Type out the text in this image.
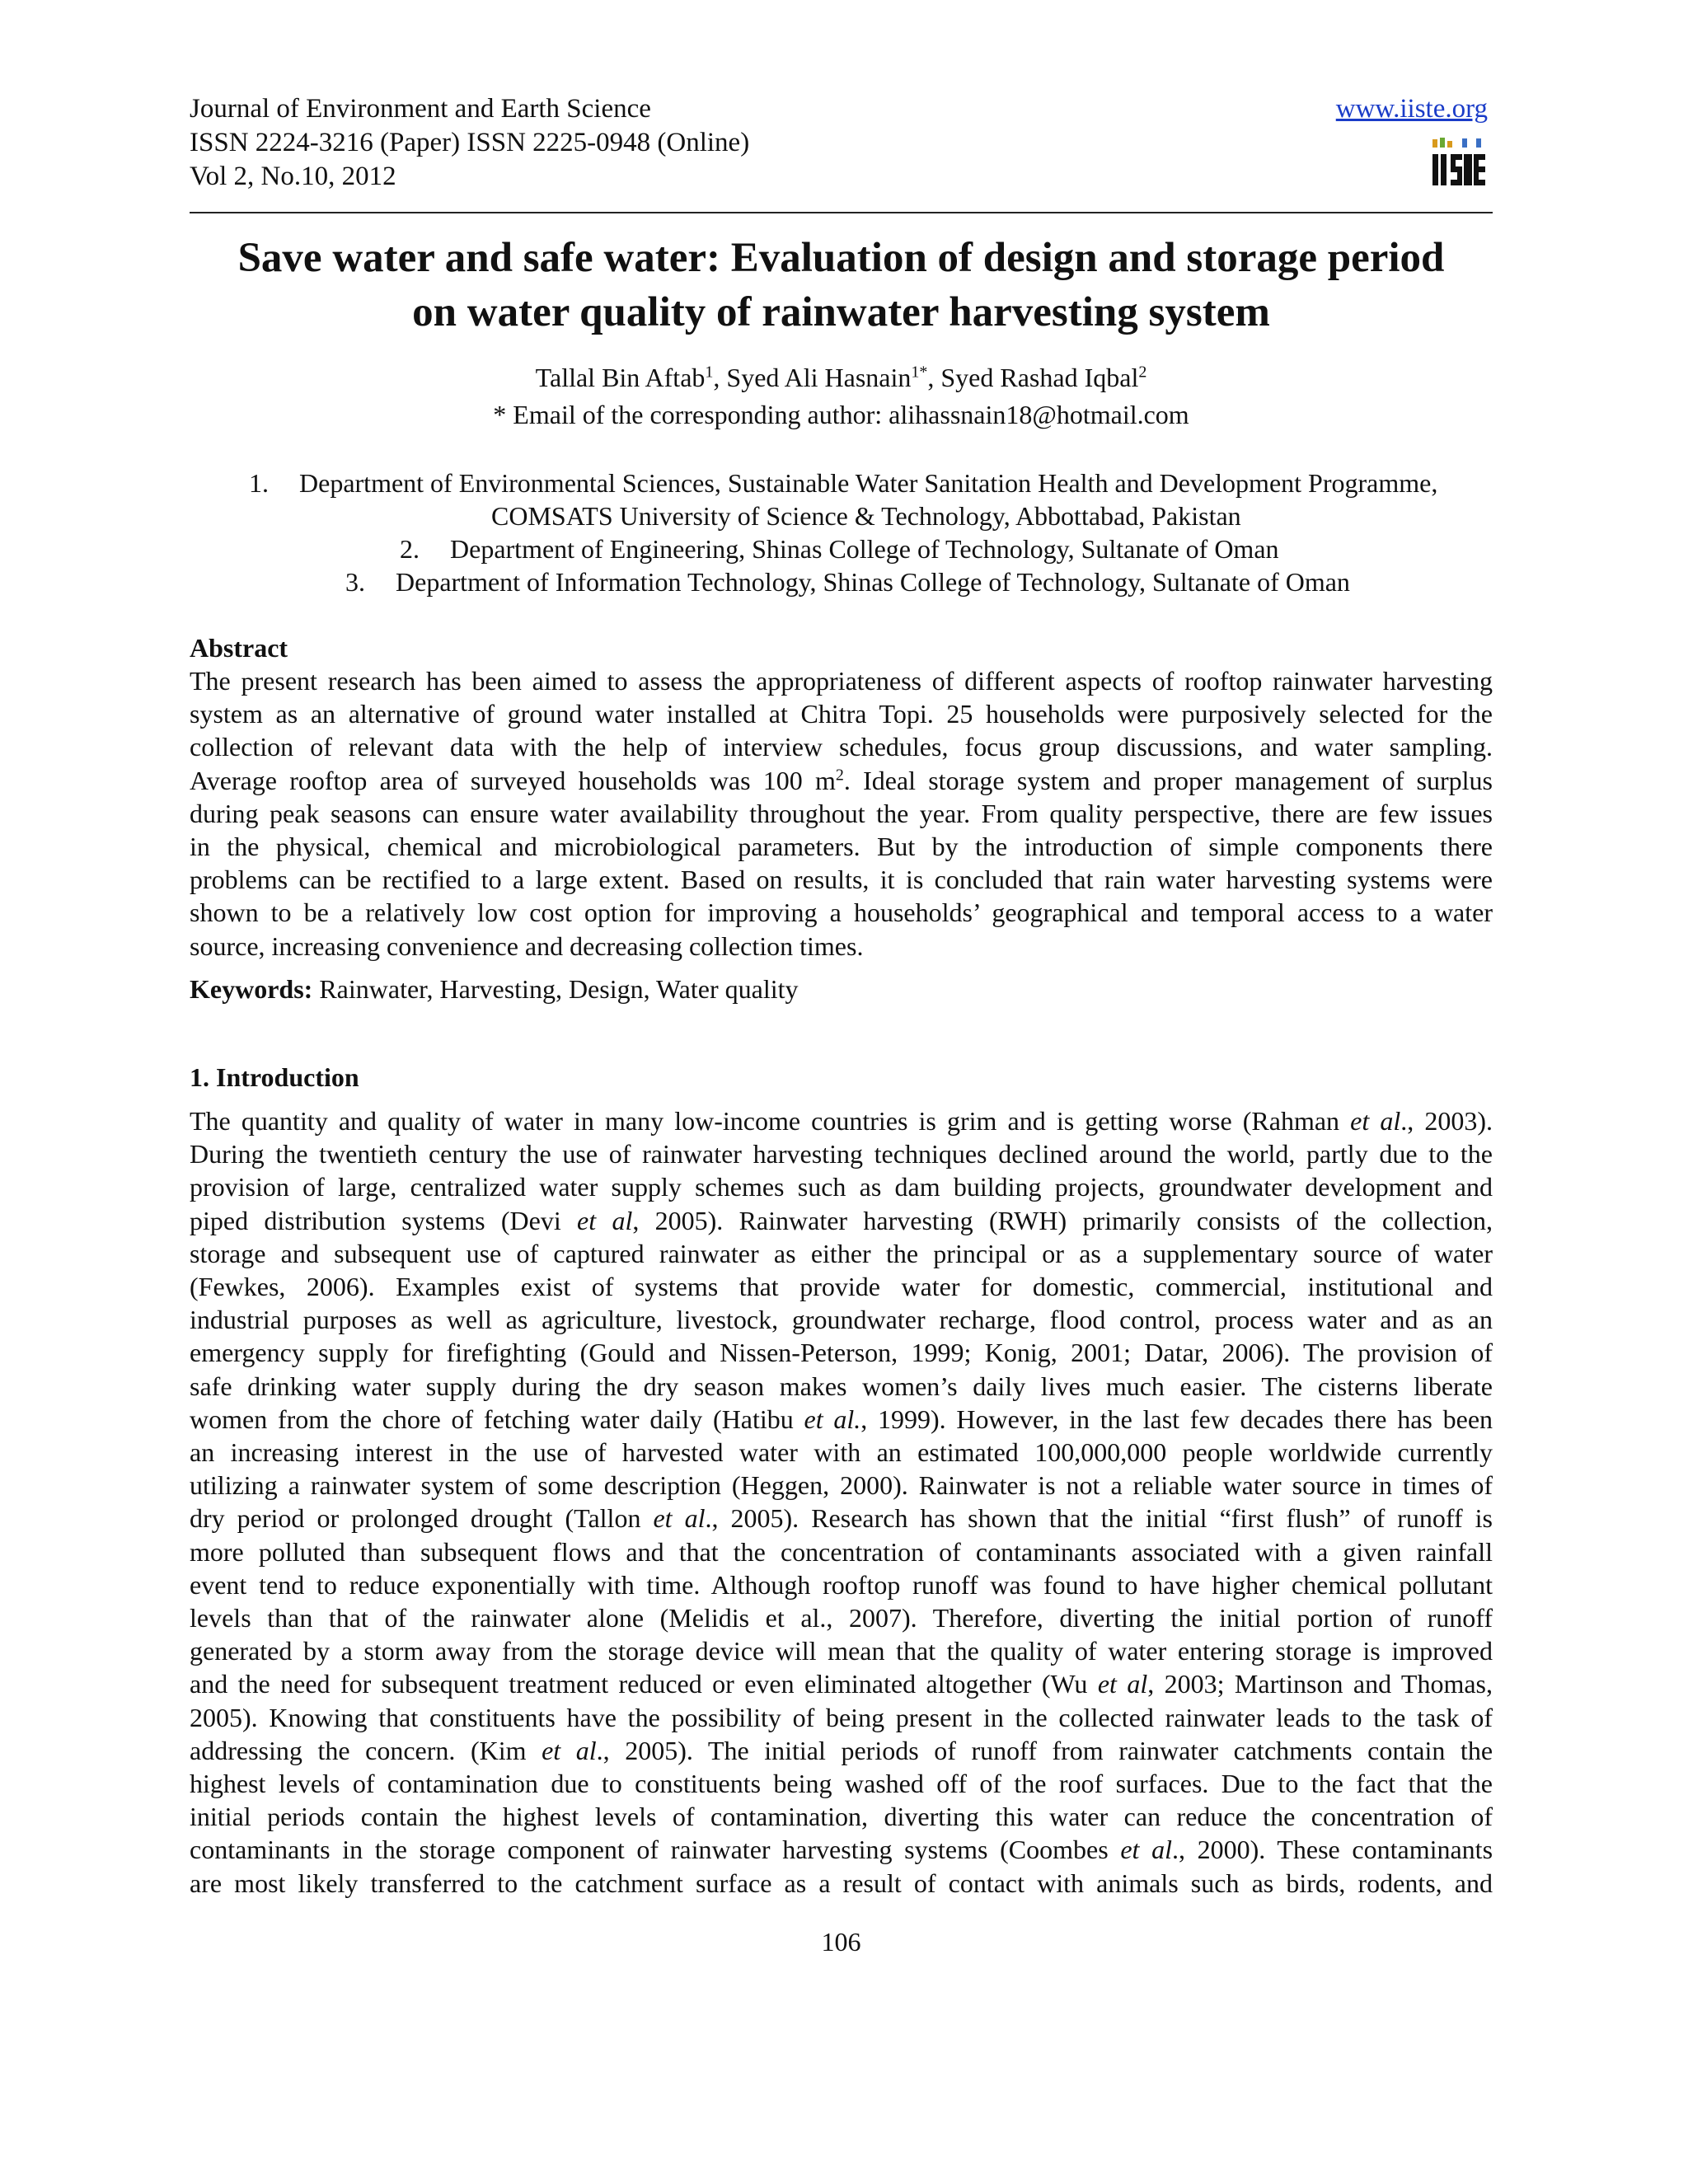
Journal of Environment and Earth Science
ISSN 2224-3216 (Paper) ISSN 2225-0948 (Online)
Vol 2, No.10, 2012
www.iiste.org
Save water and safe water: Evaluation of design and storage period
on water quality of rainwater harvesting system
Tallal Bin Aftab$^1$, Syed Ali Hasnain$^{1*}$, Syed Rashad Iqbal$^2$
* Email of the corresponding author: alihassnain18@hotmail.com
1. Department of Environmental Sciences, Sustainable Water Sanitation Health and Development Programme,
COMSATS University of Science & Technology, Abbottabad, Pakistan
2. Department of Engineering, Shinas College of Technology, Sultanate of Oman
3. Department of Information Technology, Shinas College of Technology, Sultanate of Oman
Abstract
The present research has been aimed to assess the appropriateness of different aspects of rooftop rainwater harvesting
system as an alternative of ground water installed at Chitra Topi. 25 households were purposively selected for the
collection of relevant data with the help of interview schedules, focus group discussions, and water sampling.
Average rooftop area of surveyed households was 100 $m^2$. Ideal storage system and proper management of surplus
during peak seasons can ensure water availability throughout the year. From quality perspective, there are few issues
in the physical, chemical and microbiological parameters. But by the introduction of simple components there
problems can be rectified to a large extent. Based on results, it is concluded that rain water harvesting systems were
shown to be a relatively low cost option for improving a households’ geographical and temporal access to a water
source, increasing convenience and decreasing collection times.
Keywords: Rainwater, Harvesting, Design, Water quality
1. Introduction
The quantity and quality of water in many low-income countries is grim and is getting worse (Rahman et al., 2003).
During the twentieth century the use of rainwater harvesting techniques declined around the world, partly due to the
provision of large, centralized water supply schemes such as dam building projects, groundwater development and
piped distribution systems (Devi et al, 2005). Rainwater harvesting (RWH) primarily consists of the collection,
storage and subsequent use of captured rainwater as either the principal or as a supplementary source of water
(Fewkes, 2006). Examples exist of systems that provide water for domestic, commercial, institutional and
industrial purposes as well as agriculture, livestock, groundwater recharge, flood control, process water and as an
emergency supply for firefighting (Gould and Nissen-Peterson, 1999; Konig, 2001; Datar, 2006). The provision of
safe drinking water supply during the dry season makes women’s daily lives much easier. The cisterns liberate
women from the chore of fetching water daily (Hatibu et al., 1999). However, in the last few decades there has been
an increasing interest in the use of harvested water with an estimated 100,000,000 people worldwide currently
utilizing a rainwater system of some description (Heggen, 2000). Rainwater is not a reliable water source in times of
dry period or prolonged drought (Tallon et al., 2005). Research has shown that the initial “first flush” of runoff is
more polluted than subsequent flows and that the concentration of contaminants associated with a given rainfall
event tend to reduce exponentially with time. Although rooftop runoff was found to have higher chemical pollutant
levels than that of the rainwater alone (Melidis et al., 2007). Therefore, diverting the initial portion of runoff
generated by a storm away from the storage device will mean that the quality of water entering storage is improved
and the need for subsequent treatment reduced or even eliminated altogether (Wu et al, 2003; Martinson and Thomas,
2005). Knowing that constituents have the possibility of being present in the collected rainwater leads to the task of
addressing the concern. (Kim et al., 2005). The initial periods of runoff from rainwater catchments contain the
highest levels of contamination due to constituents being washed off of the roof surfaces. Due to the fact that the
initial periods contain the highest levels of contamination, diverting this water can reduce the concentration of
contaminants in the storage component of rainwater harvesting systems (Coombes et al., 2000). These contaminants
are most likely transferred to the catchment surface as a result of contact with animals such as birds, rodents, and
106
